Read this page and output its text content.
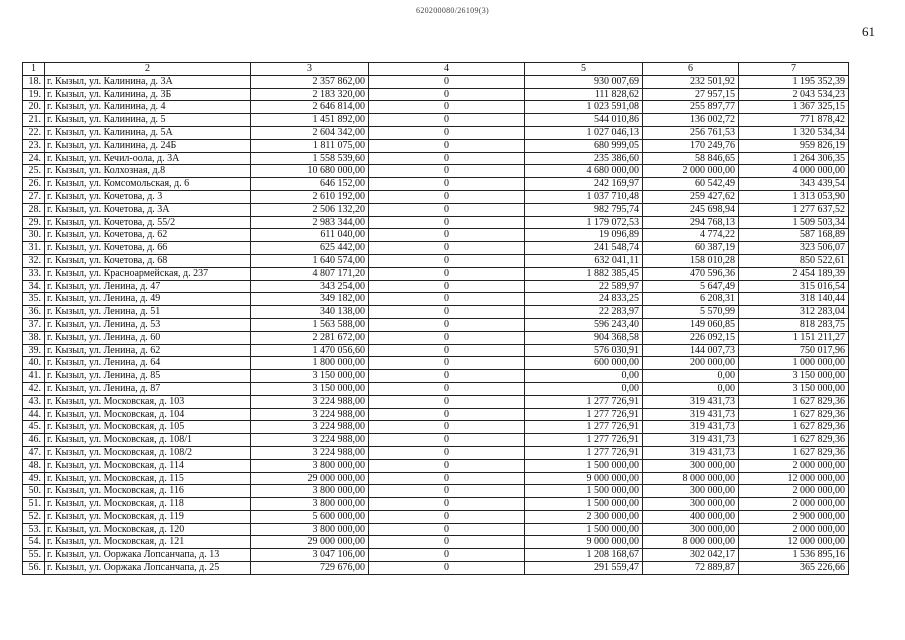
620200080/26109(3)
61
1	2	3	4	5	6	7
18.	г. Кызыл, ул. Калинина, д. 3А	2 357 862,00	0	930 007,69	232 501,92	1 195 352,39
19.	г. Кызыл, ул. Калинина, д. 3Б	2 183 320,00	0	111 828,62	27 957,15	2 043 534,23
20.	г. Кызыл, ул. Калинина, д. 4	2 646 814,00	0	1 023 591,08	255 897,77	1 367 325,15
21.	г. Кызыл, ул. Калинина, д. 5	1 451 892,00	0	544 010,86	136 002,72	771 878,42
22.	г. Кызыл, ул. Калинина, д. 5А	2 604 342,00	0	1 027 046,13	256 761,53	1 320 534,34
23.	г. Кызыл, ул. Калинина, д. 24Б	1 811 075,00	0	680 999,05	170 249,76	959 826,19
24.	г. Кызыл, ул. Кечил-оола, д. 3А	1 558 539,60	0	235 386,60	58 846,65	1 264 306,35
25.	г. Кызыл, ул. Колхозная, д.8	10 680 000,00	0	4 680 000,00	2 000 000,00	4 000 000,00
26.	г. Кызыл, ул. Комсомольская, д. 6	646 152,00	0	242 169,97	60 542,49	343 439,54
27.	г. Кызыл, ул. Кочетова, д. 3	2 610 192,00	0	1 037 710,48	259 427,62	1 313 053,90
28.	г. Кызыл, ул. Кочетова, д. 3А	2 506 132,20	0	982 795,74	245 698,94	1 277 637,52
29.	г. Кызыл, ул. Кочетова, д. 55/2	2 983 344,00	0	1 179 072,53	294 768,13	1 509 503,34
30.	г. Кызыл, ул. Кочетова, д. 62	611 040,00	0	19 096,89	4 774,22	587 168,89
31.	г. Кызыл, ул. Кочетова, д. 66	625 442,00	0	241 548,74	60 387,19	323 506,07
32.	г. Кызыл, ул. Кочетова, д. 68	1 640 574,00	0	632 041,11	158 010,28	850 522,61
33.	г. Кызыл, ул. Красноармейская, д. 237	4 807 171,20	0	1 882 385,45	470 596,36	2 454 189,39
34.	г. Кызыл, ул. Ленина, д. 47	343 254,00	0	22 589,97	5 647,49	315 016,54
35.	г. Кызыл, ул. Ленина, д. 49	349 182,00	0	24 833,25	6 208,31	318 140,44
36.	г. Кызыл, ул. Ленина, д. 51	340 138,00	0	22 283,97	5 570,99	312 283,04
37.	г. Кызыл, ул. Ленина, д. 53	1 563 588,00	0	596 243,40	149 060,85	818 283,75
38.	г. Кызыл, ул. Ленина, д. 60	2 281 672,00	0	904 368,58	226 092,15	1 151 211,27
39.	г. Кызыл, ул. Ленина, д. 62	1 470 056,60	0	576 030,91	144 007,73	750 017,96
40.	г. Кызыл, ул. Ленина, д. 64	1 800 000,00	0	600 000,00	200 000,00	1 000 000,00
41.	г. Кызыл, ул. Ленина, д. 85	3 150 000,00	0	0,00	0,00	3 150 000,00
42.	г. Кызыл, ул. Ленина, д. 87	3 150 000,00	0	0,00	0,00	3 150 000,00
43.	г. Кызыл, ул. Московская, д. 103	3 224 988,00	0	1 277 726,91	319 431,73	1 627 829,36
44.	г. Кызыл, ул. Московская, д. 104	3 224 988,00	0	1 277 726,91	319 431,73	1 627 829,36
45.	г. Кызыл, ул. Московская, д. 105	3 224 988,00	0	1 277 726,91	319 431,73	1 627 829,36
46.	г. Кызыл, ул. Московская, д. 108/1	3 224 988,00	0	1 277 726,91	319 431,73	1 627 829,36
47.	г. Кызыл, ул. Московская, д. 108/2	3 224 988,00	0	1 277 726,91	319 431,73	1 627 829,36
48.	г. Кызыл, ул. Московская, д. 114	3 800 000,00	0	1 500 000,00	300 000,00	2 000 000,00
49.	г. Кызыл, ул. Московская, д. 115	29 000 000,00	0	9 000 000,00	8 000 000,00	12 000 000,00
50.	г. Кызыл, ул. Московская, д. 116	3 800 000,00	0	1 500 000,00	300 000,00	2 000 000,00
51.	г. Кызыл, ул. Московская, д. 118	3 800 000,00	0	1 500 000,00	300 000,00	2 000 000,00
52.	г. Кызыл, ул. Московская, д. 119	5 600 000,00	0	2 300 000,00	400 000,00	2 900 000,00
53.	г. Кызыл, ул. Московская, д. 120	3 800 000,00	0	1 500 000,00	300 000,00	2 000 000,00
54.	г. Кызыл, ул. Московская, д. 121	29 000 000,00	0	9 000 000,00	8 000 000,00	12 000 000,00
55.	г. Кызыл, ул. Ооржака Лопсанчапа, д. 13	3 047 106,00	0	1 208 168,67	302 042,17	1 536 895,16
56.	г. Кызыл, ул. Ооржака Лопсанчапа, д. 25	729 676,00	0	291 559,47	72 889,87	365 226,66
